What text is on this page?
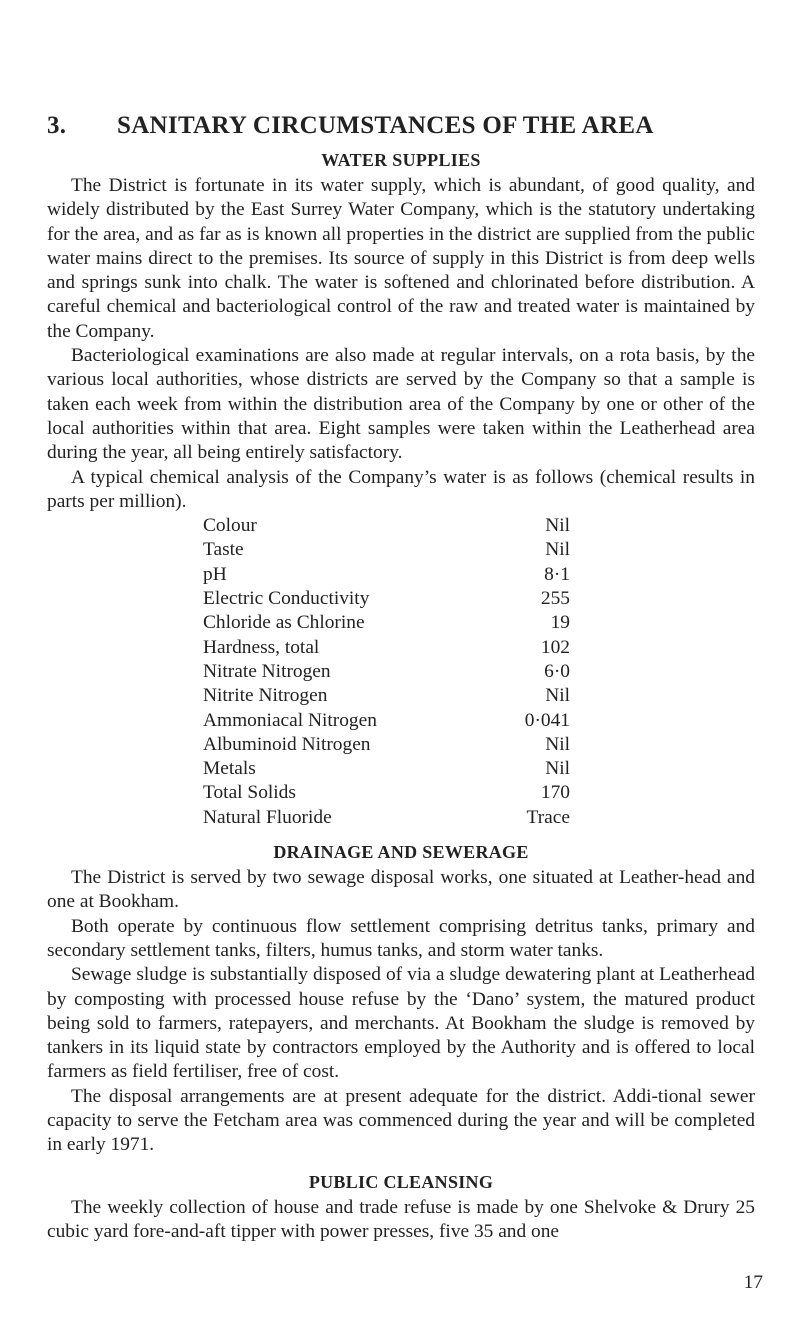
3. SANITARY CIRCUMSTANCES OF THE AREA
WATER SUPPLIES

The District is fortunate in its water supply, which is abundant, of good quality, and widely distributed by the East Surrey Water Company, which is the statutory undertaking for the area, and as far as is known all properties in the district are supplied from the public water mains direct to the premises. Its source of supply in this District is from deep wells and springs sunk into chalk. The water is softened and chlorinated before distribution. A careful chemical and bacteriological control of the raw and treated water is maintained by the Company.

Bacteriological examinations are also made at regular intervals, on a rota basis, by the various local authorities, whose districts are served by the Company so that a sample is taken each week from within the distribution area of the Company by one or other of the local authorities within that area. Eight samples were taken within the Leatherhead area during the year, all being entirely satisfactory.

A typical chemical analysis of the Company’s water is as follows (chemical results in parts per million).

Colour	Nil
Taste	Nil
pH	8·1
Electric Conductivity	255
Chloride as Chlorine	19
Hardness, total	102
Nitrate Nitrogen	6·0
Nitrite Nitrogen	Nil
Ammoniacal Nitrogen	0·041
Albuminoid Nitrogen	Nil
Metals	Nil
Total Solids	170
Natural Fluoride	Trace
DRAINAGE AND SEWERAGE

The District is served by two sewage disposal works, one situated at Leather-head and one at Bookham.

Both operate by continuous flow settlement comprising detritus tanks, primary and secondary settlement tanks, filters, humus tanks, and storm water tanks.

Sewage sludge is substantially disposed of via a sludge dewatering plant at Leatherhead by composting with processed house refuse by the ‘Dano’ system, the matured product being sold to farmers, ratepayers, and merchants. At Bookham the sludge is removed by tankers in its liquid state by contractors employed by the Authority and is offered to local farmers as field fertiliser, free of cost.

The disposal arrangements are at present adequate for the district. Addi-tional sewer capacity to serve the Fetcham area was commenced during the year and will be completed in early 1971.

PUBLIC CLEANSING

The weekly collection of house and trade refuse is made by one Shelvoke & Drury 25 cubic yard fore-and-aft tipper with power presses, five 35 and one

17
